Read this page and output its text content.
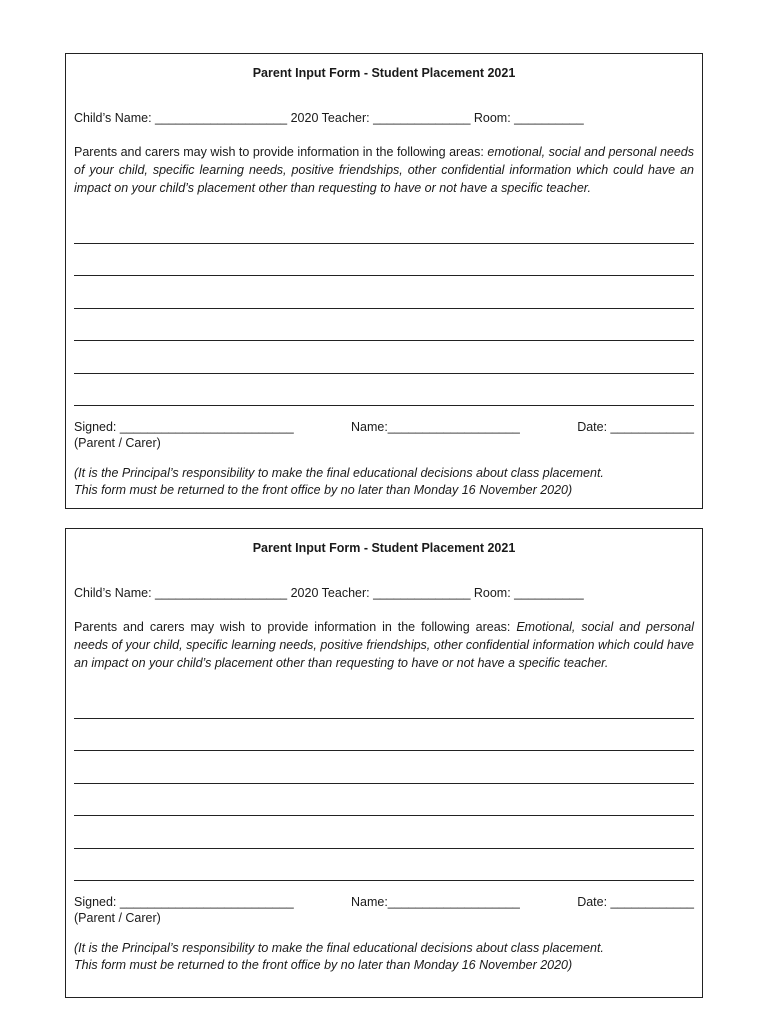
Parent Input Form - Student Placement 2021
Child’s Name: ___________________ 2020 Teacher: ______________ Room: __________
Parents and carers may wish to provide information in the following areas: emotional, social and personal needs of your child, specific learning needs, positive friendships, other confidential information which could have an impact on your child’s placement other than requesting to have or not have a specific teacher.
Signed: _________________________	Name:___________________	Date: ____________
(Parent / Carer)
(It is the Principal’s responsibility to make the final educational decisions about class placement.
This form must be returned to the front office by no later than Monday 16 November 2020)
Parent Input Form - Student Placement 2021
Child’s Name: ___________________ 2020 Teacher: ______________ Room: __________
Parents and carers may wish to provide information in the following areas: Emotional, social and personal needs of your child, specific learning needs, positive friendships, other confidential information which could have an impact on your child’s placement other than requesting to have or not have a specific teacher.
Signed: _________________________	Name:___________________	Date: ____________
(Parent / Carer)
(It is the Principal’s responsibility to make the final educational decisions about class placement.
This form must be returned to the front office by no later than Monday 16 November 2020)
